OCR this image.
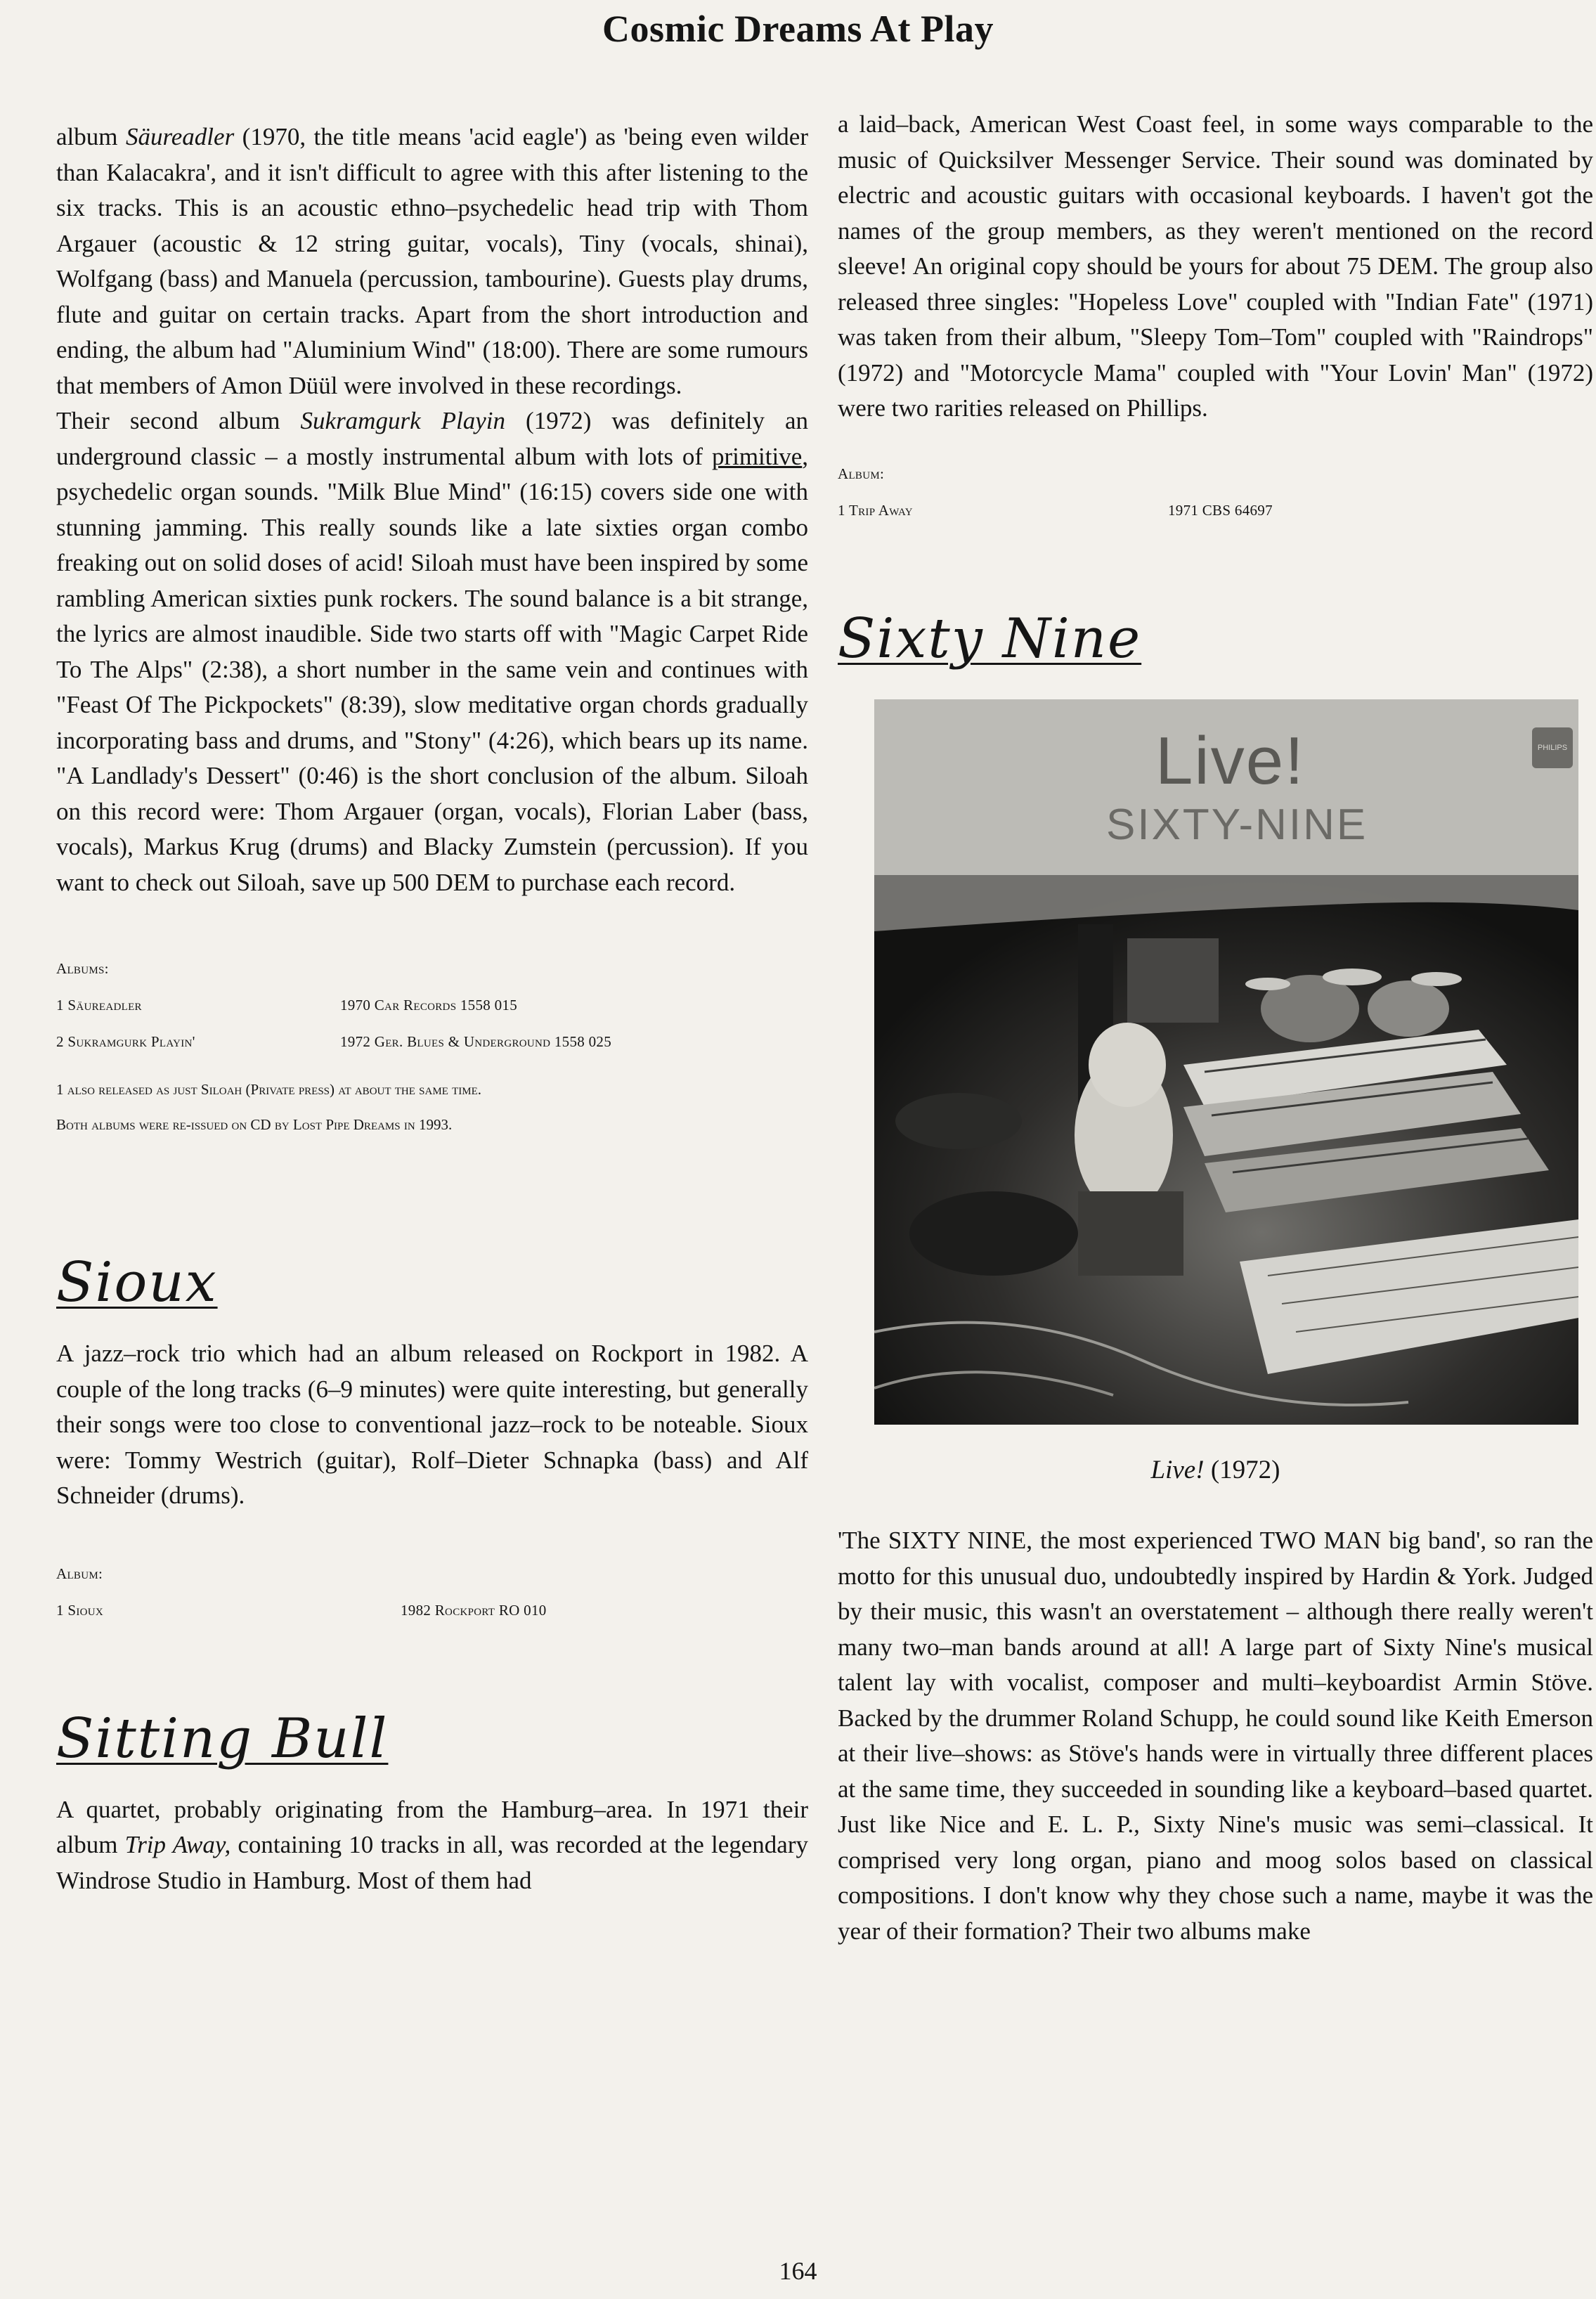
Cosmic Dreams At Play

album Säureadler (1970, the title means 'acid eagle') as 'being even wilder than Kalacakra', and it isn't difficult to agree with this after listening to the six tracks. This is an acoustic ethno–psychedelic head trip with Thom Argauer (acoustic & 12 string guitar, vocals), Tiny (vocals, shinai), Wolfgang (bass) and Manuela (percussion, tambourine). Guests play drums, flute and guitar on certain tracks. Apart from the short introduction and ending, the album had "Aluminium Wind" (18:00). There are some rumours that members of Amon Düül were involved in these recordings.

Their second album Sukramgurk Playin (1972) was definitely an underground classic – a mostly instrumental album with lots of primitive, psychedelic organ sounds. "Milk Blue Mind" (16:15) covers side one with stunning jamming. This really sounds like a late sixties organ combo freaking out on solid doses of acid! Siloah must have been inspired by some rambling American sixties punk rockers. The sound balance is a bit strange, the lyrics are almost inaudible. Side two starts off with "Magic Carpet Ride To The Alps" (2:38), a short number in the same vein and continues with "Feast Of The Pickpockets" (8:39), slow meditative organ chords gradually incorporating bass and drums, and "Stony" (4:26), which bears up its name. "A Landlady's Dessert" (0:46) is the short conclusion of the album. Siloah on this record were: Thom Argauer (organ, vocals), Florian Laber (bass, vocals), Markus Krug (drums) and Blacky Zumstein (percussion). If you want to check out Siloah, save up 500 DEM to purchase each record.

Albums:
1 Säureadler	1970 Car Records 1558 015
2 Sukramgurk Playin'	1972 Ger. Blues & Underground 1558 025
1 also released as just Siloah (Private press) at about the same time.
Both albums were re-issued on CD by Lost Pipe Dreams in 1993.
Sioux

A jazz–rock trio which had an album released on Rockport in 1982. A couple of the long tracks (6–9 minutes) were quite interesting, but generally their songs were too close to conventional jazz–rock to be noteable. Sioux were: Tommy Westrich (guitar), Rolf–Dieter Schnapka (bass) and Alf Schneider (drums).

Album:
1 Sioux	1982 Rockport RO 010
Sitting Bull

A quartet, probably originating from the Hamburg–area. In 1971 their album Trip Away, containing 10 tracks in all, was recorded at the legendary Windrose Studio in Hamburg. Most of them had

a laid–back, American West Coast feel, in some ways comparable to the music of Quicksilver Messenger Service. Their sound was dominated by electric and acoustic guitars with occasional keyboards. I haven't got the names of the group members, as they weren't mentioned on the record sleeve! An original copy should be yours for about 75 DEM. The group also released three singles: "Hopeless Love" coupled with "Indian Fate" (1971) was taken from their album, "Sleepy Tom–Tom" coupled with "Raindrops" (1972) and "Motorcycle Mama" coupled with "Your Lovin' Man" (1972) were two rarities released on Phillips.

Album:
1 Trip Away	1971 CBS 64697
Sixty Nine
Live!
SIXTY-NINE
PHILIPS
Live! (1972)

'The SIXTY NINE, the most experienced TWO MAN big band', so ran the motto for this unusual duo, undoubtedly inspired by Hardin & York. Judged by their music, this wasn't an overstatement – although there really weren't many two–man bands around at all! A large part of Sixty Nine's musical talent lay with vocalist, composer and multi–keyboardist Armin Stöve. Backed by the drummer Roland Schupp, he could sound like Keith Emerson at their live–shows: as Stöve's hands were in virtually three different places at the same time, they succeeded in sounding like a keyboard–based quartet. Just like Nice and E. L. P., Sixty Nine's music was semi–classical. It comprised very long organ, piano and moog solos based on classical compositions. I don't know why they chose such a name, maybe it was the year of their formation? Their two albums make

164
